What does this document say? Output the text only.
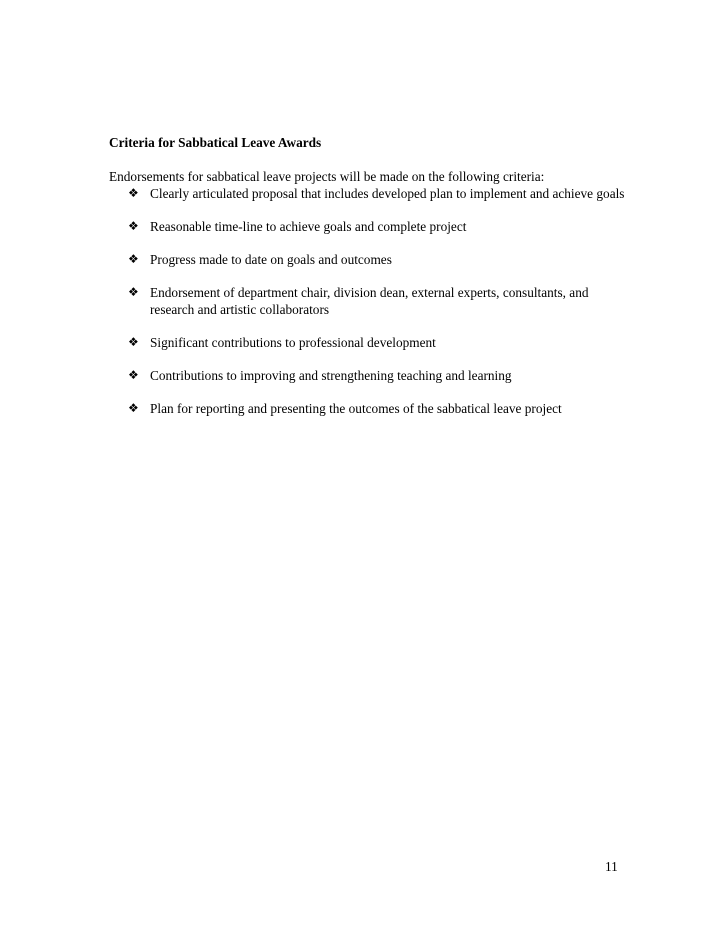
Criteria for Sabbatical Leave Awards
Endorsements for sabbatical leave projects will be made on the following criteria:
❖ Clearly articulated proposal that includes developed plan to implement and achieve goals
❖ Reasonable time-line to achieve goals and complete project
❖ Progress made to date on goals and outcomes
❖ Endorsement of department chair, division dean, external experts, consultants, and research and artistic collaborators
❖ Significant contributions to professional development
❖ Contributions to improving and strengthening teaching and learning
❖ Plan for reporting and presenting the outcomes of the sabbatical leave project
11
